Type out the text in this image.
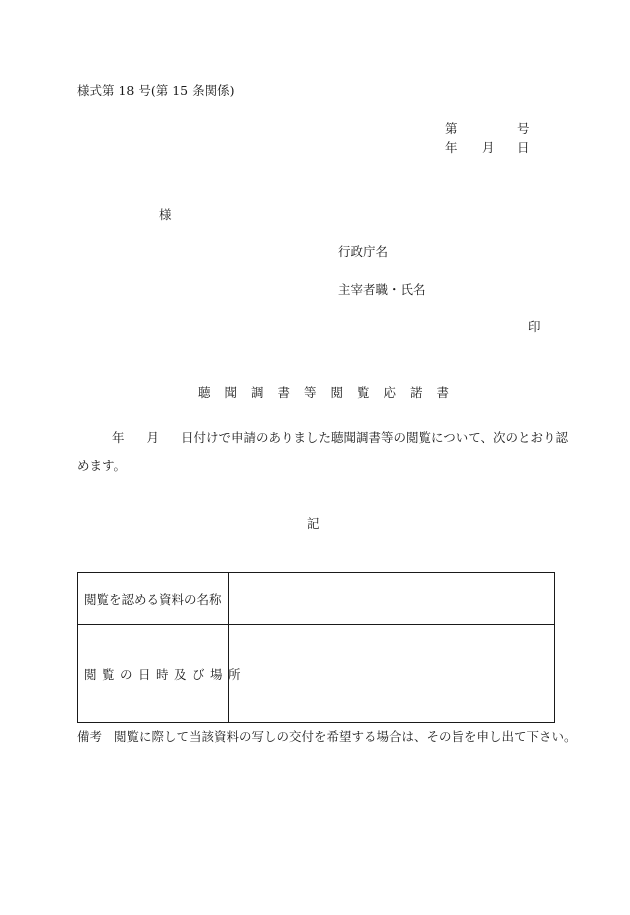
様式第 18 号(第 15 条関係)
第	号
年 月 日
様
行政庁名
主宰者職・氏名
印
聴聞調書等閲覧応諾書
年 月 日付けで申請のありました聴聞調書等の閲覧について、次のとおり認
めます。
記
閲覧を認める資料の名称
閲覧の日時及び場所
備考 閲覧に際して当該資料の写しの交付を希望する場合は、その旨を申し出て下さい。
